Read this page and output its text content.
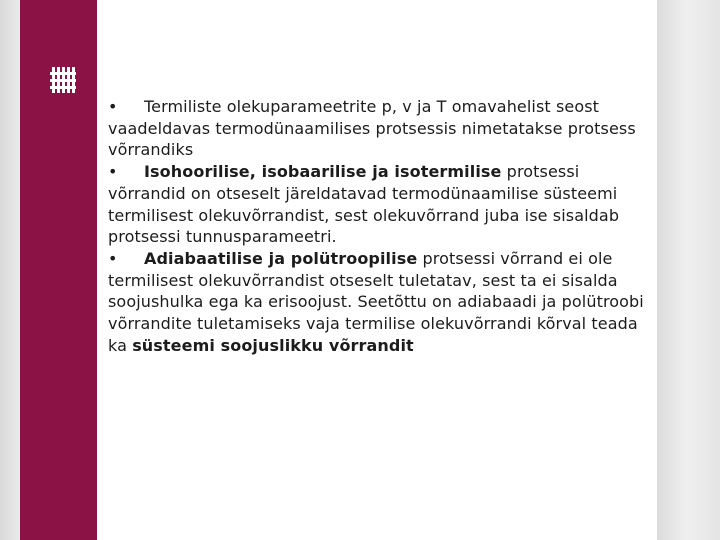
• Termiliste olekuparameetrite p, v ja T omavahelist seost vaadeldavas termodünaamilises protsessis nimetatakse protsess võrrandiks

• Isohoorilise, isobaarilise ja isotermilise protsessi võrrandid on otseselt järeldatavad termodünaamilise süsteemi termilisest olekuvõrrandist, sest olekuvõrrand juba ise sisaldab protsessi tunnusparameetri.

• Adiabaatilise ja polütroopilise protsessi võrrand ei ole termilisest olekuvõrrandist otseselt tuletatav, sest ta ei sisalda soojushulka ega ka erisoojust. Seetõttu on adiabaadi ja polütroobi võrrandite tuletamiseks vaja termilise olekuvõrrandi kõrval teada ka süsteemi soojuslikku võrrandit
